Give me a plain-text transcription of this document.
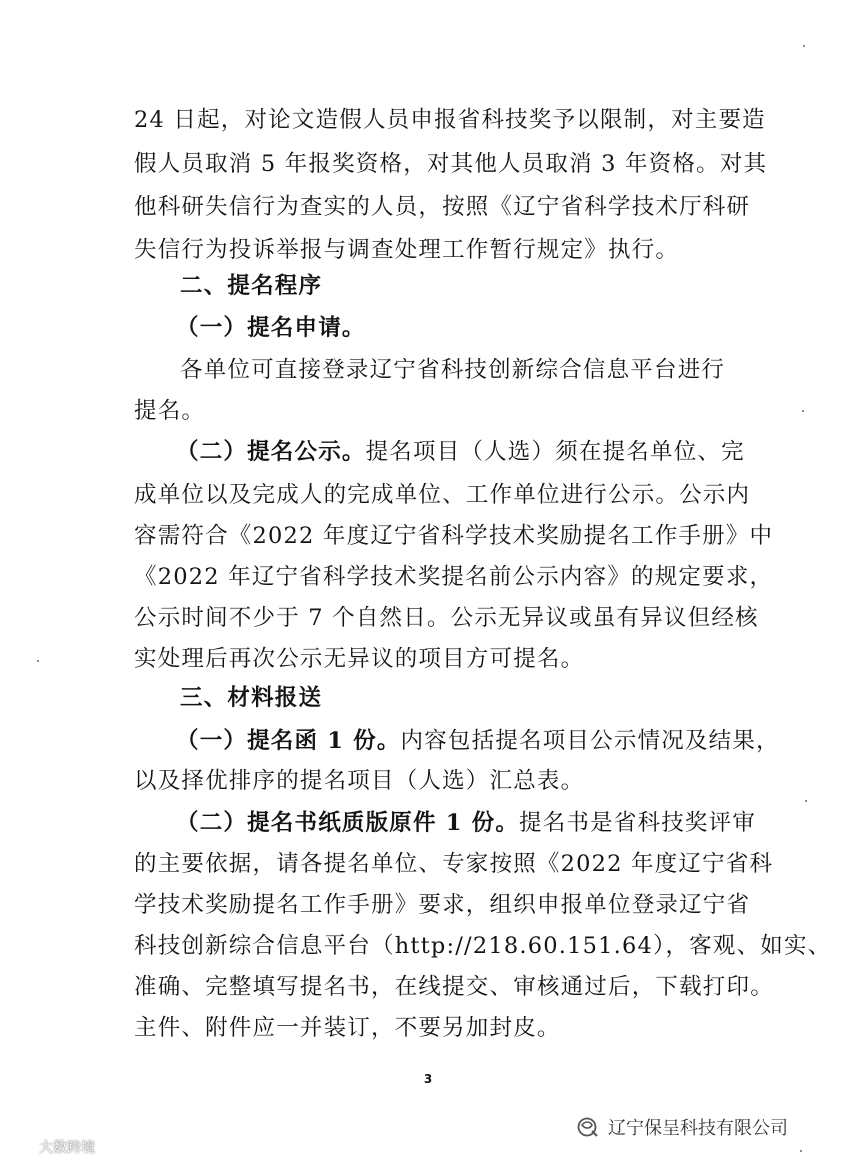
24 日起，对论文造假人员申报省科技奖予以限制，对主要造
假人员取消 5 年报奖资格，对其他人员取消 3 年资格。对其
他科研失信行为查实的人员，按照《辽宁省科学技术厅科研
失信行为投诉举报与调查处理工作暂行规定》执行。
二、提名程序
（一）提名申请。
各单位可直接登录辽宁省科技创新综合信息平台进行
提名。
（二）提名公示。提名项目（人选）须在提名单位、完
成单位以及完成人的完成单位、工作单位进行公示。公示内
容需符合《2022 年度辽宁省科学技术奖励提名工作手册》中
《2022 年辽宁省科学技术奖提名前公示内容》的规定要求，
公示时间不少于 7 个自然日。公示无异议或虽有异议但经核
实处理后再次公示无异议的项目方可提名。
三、材料报送
（一）提名函 1 份。内容包括提名项目公示情况及结果，
以及择优排序的提名项目（人选）汇总表。
（二）提名书纸质版原件 1 份。提名书是省科技奖评审
的主要依据，请各提名单位、专家按照《2022 年度辽宁省科
学技术奖励提名工作手册》要求，组织申报单位登录辽宁省
科技创新综合信息平台（http://218.60.151.64），客观、如实、
准确、完整填写提名书，在线提交、审核通过后，下载打印。
主件、附件应一并装订，不要另加封皮。
3
大数跨境
辽宁保呈科技有限公司
